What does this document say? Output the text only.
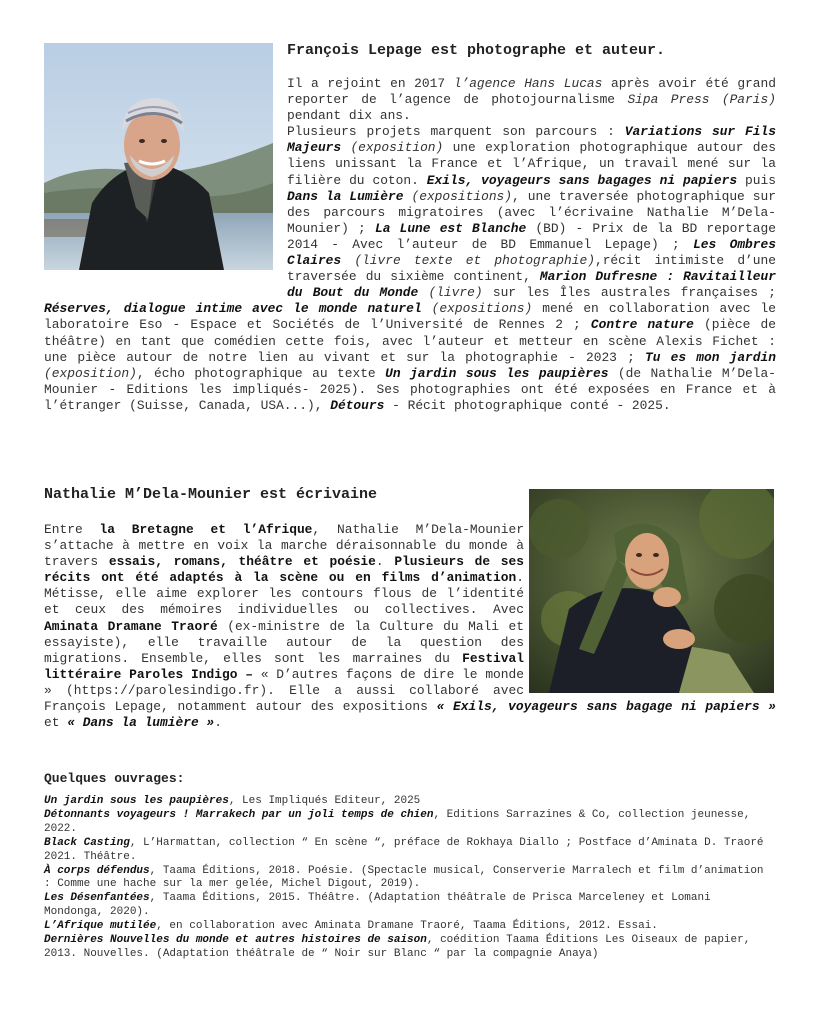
François Lepage est photographe et auteur.

Il a rejoint en 2017 l’agence Hans Lucas après avoir été grand reporter de l’agence de photojournalisme Sipa Press (Paris) pendant dix ans.
Plusieurs projets marquent son parcours : Variations sur Fils Majeurs (exposition) une exploration photographique autour des liens unissant la France et l’Afrique, un travail mené sur la filière du coton. Exils, voyageurs sans bagages ni papiers puis Dans la Lumière (expositions), une traversée photographique sur des parcours migratoires (avec l’écrivaine Nathalie M’Dela-Mounier) ; La Lune est Blanche (BD) - Prix de la BD reportage 2014 - Avec l’auteur de BD Emmanuel Lepage) ; Les Ombres Claires (livre texte et photographie),récit intimiste d’une traversée du sixième continent, Marion Dufresne : Ravitailleur du Bout du Monde (livre) sur les Îles australes françaises ; Réserves, dialogue intime avec le monde naturel (expositions) mené en collaboration avec le laboratoire Eso - Espace et Sociétés de l’Université de Rennes 2 ; Contre nature (pièce de théâtre) en tant que comédien cette fois, avec l’auteur et metteur en scène Alexis Fichet : une pièce autour de notre lien au vivant et sur la photographie - 2023 ; Tu es mon jardin (exposition), écho photographique au texte Un jardin sous les paupières (de Nathalie M’Dela-Mounier - Editions les impliqués- 2025). Ses photographies ont été exposées en France et à l’étranger (Suisse, Canada, USA...), Détours - Récit photographique conté - 2025.

Nathalie M’Dela-Mounier est écrivaine

Entre la Bretagne et l’Afrique, Nathalie M’Dela-Mounier s’attache à mettre en voix la marche déraisonnable du monde à travers essais, romans, théâtre et poésie. Plusieurs de ses récits ont été adaptés à la scène ou en films d’animation. Métisse, elle aime explorer les contours flous de l’identité et ceux des mémoires individuelles ou collectives. Avec Aminata Dramane Traoré (ex-ministre de la Culture du Mali et essayiste), elle travaille autour de la question des migrations. Ensemble, elles sont les marraines du Festival littéraire Paroles Indigo – « D’autres façons de dire le monde » (https://parolesindigo.fr). Elle a aussi collaboré avec François Lepage, notamment autour des expositions « Exils, voyageurs sans bagage ni papiers » et « Dans la lumière ».

Quelques ouvrages:

Un jardin sous les paupières, Les Impliqués Editeur, 2025

Détonnants voyageurs ! Marrakech par un joli temps de chien, Editions Sarrazines & Co, collection jeunesse, 2022.

Black Casting, L’Harmattan, collection “ En scène “, préface de Rokhaya Diallo ; Postface d’Aminata D. Traoré 2021. Théâtre.

À corps défendus, Taama Éditions, 2018. Poésie. (Spectacle musical, Conserverie Marralech et film d’animation : Comme une hache sur la mer gelée, Michel Digout, 2019).

Les Désenfantées, Taama Éditions, 2015. Théâtre. (Adaptation théâtrale de Prisca Marceleney et Lomani Mondonga, 2020).

L’Afrique mutilée, en collaboration avec Aminata Dramane Traoré, Taama Éditions, 2012. Essai.

Dernières Nouvelles du monde et autres histoires de saison, coédition Taama Éditions Les Oiseaux de papier, 2013. Nouvelles. (Adaptation théâtrale de “ Noir sur Blanc “ par la compagnie Anaya)
